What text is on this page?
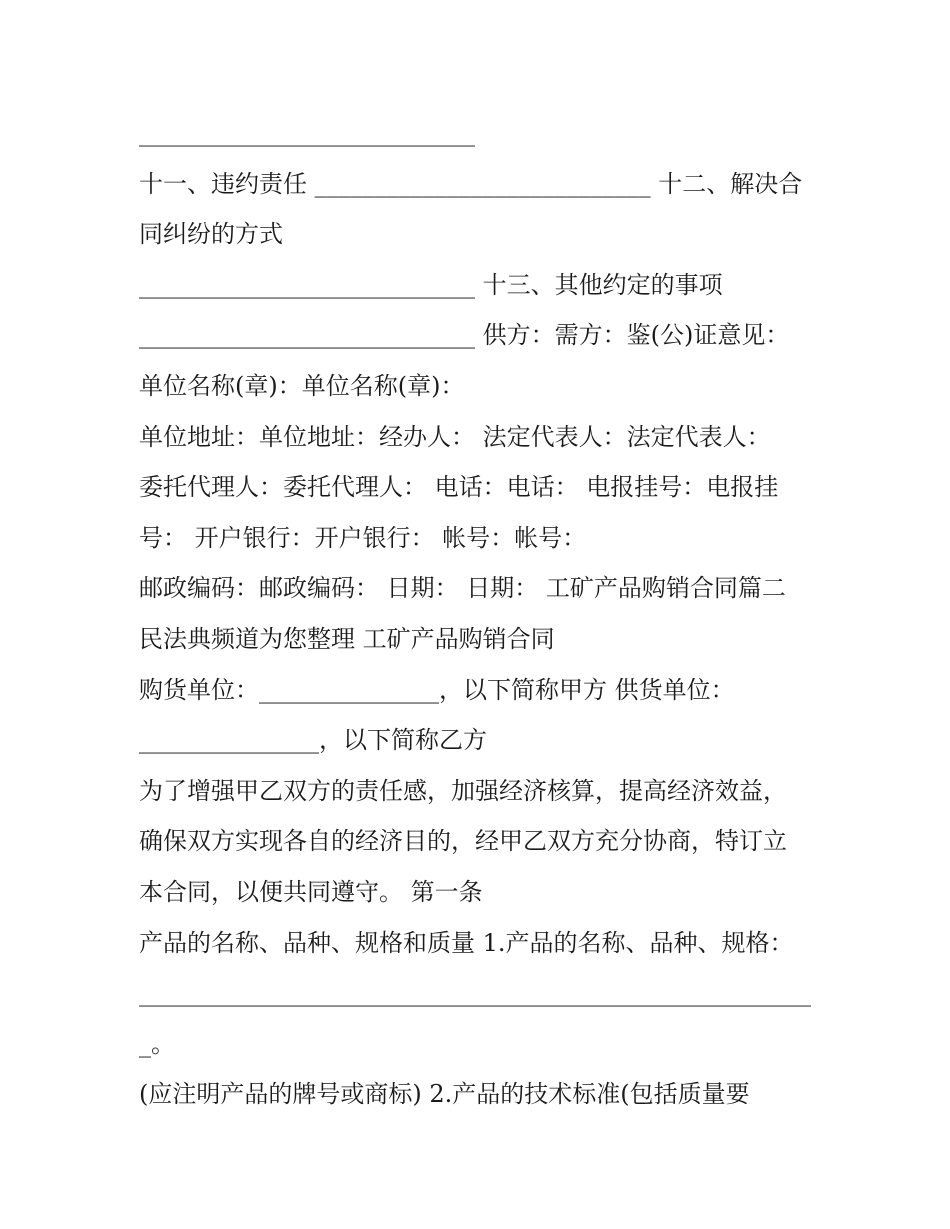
____________________________
十一、违约责任 ____________________________ 十二、解决合
同纠纷的方式
____________________________ 十三、其他约定的事项
____________________________ 供方：需方：鉴(公)证意见：
单位名称(章)：单位名称(章)：
单位地址：单位地址：经办人： 法定代表人：法定代表人：
委托代理人：委托代理人： 电话：电话： 电报挂号：电报挂
号： 开户银行：开户银行： 帐号：帐号：
邮政编码：邮政编码： 日期： 日期： 工矿产品购销合同篇二
民法典频道为您整理 工矿产品购销合同
购货单位：_______________，以下简称甲方 供货单位：
_______________，以下简称乙方
为了增强甲乙双方的责任感，加强经济核算，提高经济效益，
确保双方实现各自的经济目的，经甲乙双方充分协商，特订立
本合同，以便共同遵守。 第一条
产品的名称、品种、规格和质量 1.产品的名称、品种、规格：
________________________________________________________
_。
(应注明产品的牌号或商标) 2.产品的技术标准(包括质量要
